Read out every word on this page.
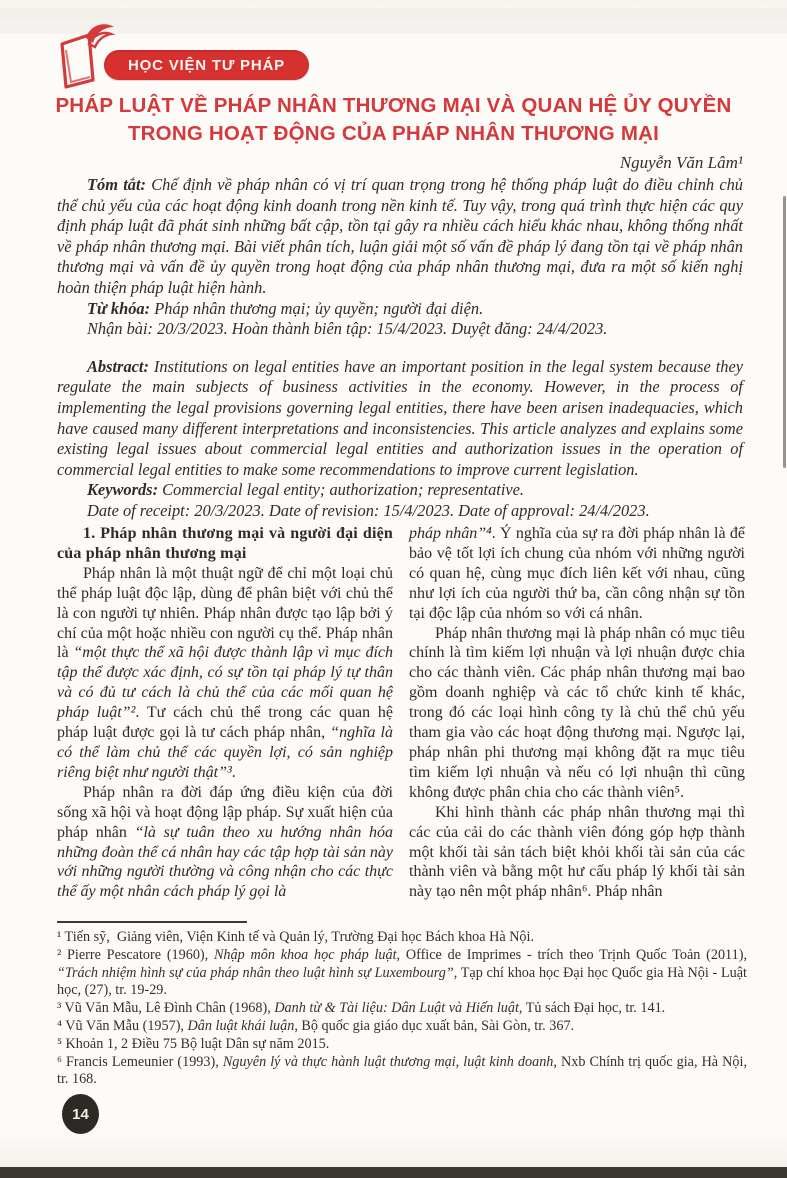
HỌC VIỆN TƯ PHÁP
PHÁP LUẬT VỀ PHÁP NHÂN THƯƠNG MẠI VÀ QUAN HỆ ỦY QUYỀN
TRONG HOẠT ĐỘNG CỦA PHÁP NHÂN THƯƠNG MẠI
Nguyễn Văn Lâm¹

Tóm tắt: Chế định về pháp nhân có vị trí quan trọng trong hệ thống pháp luật do điều chỉnh chủ thể chủ yếu của các hoạt động kinh doanh trong nền kinh tế. Tuy vậy, trong quá trình thực hiện các quy định pháp luật đã phát sinh những bất cập, tồn tại gây ra nhiều cách hiểu khác nhau, không thống nhất về pháp nhân thương mại. Bài viết phân tích, luận giải một số vấn đề pháp lý đang tồn tại về pháp nhân thương mại và vấn đề ủy quyền trong hoạt động của pháp nhân thương mại, đưa ra một số kiến nghị hoàn thiện pháp luật hiện hành.

Từ khóa: Pháp nhân thương mại; ủy quyền; người đại diện.

Nhận bài: 20/3/2023. Hoàn thành biên tập: 15/4/2023. Duyệt đăng: 24/4/2023.

Abstract: Institutions on legal entities have an important position in the legal system because they regulate the main subjects of business activities in the economy. However, in the process of implementing the legal provisions governing legal entities, there have been arisen inadequacies, which have caused many different interpretations and inconsistencies. This article analyzes and explains some existing legal issues about commercial legal entities and authorization issues in the operation of commercial legal entities to make some recommendations to improve current legislation.

Keywords: Commercial legal entity; authorization; representative.

Date of receipt: 20/3/2023. Date of revision: 15/4/2023. Date of approval: 24/4/2023.

1. Pháp nhân thương mại và người đại diện của pháp nhân thương mại

Pháp nhân là một thuật ngữ để chỉ một loại chủ thể pháp luật độc lập, dùng để phân biệt với chủ thể là con người tự nhiên. Pháp nhân được tạo lập bởi ý chí của một hoặc nhiều con người cụ thể. Pháp nhân là “một thực thể xã hội được thành lập vì mục đích tập thể được xác định, có sự tồn tại pháp lý tự thân và có đủ tư cách là chủ thể của các mối quan hệ pháp luật”². Tư cách chủ thể trong các quan hệ pháp luật được gọi là tư cách pháp nhân, “nghĩa là có thể làm chủ thể các quyền lợi, có sản nghiệp riêng biệt như người thật”³.

Pháp nhân ra đời đáp ứng điều kiện của đời sống xã hội và hoạt động lập pháp. Sự xuất hiện của pháp nhân “là sự tuân theo xu hướng nhân hóa những đoàn thể cá nhân hay các tập hợp tài sản này với những người thường và công nhận cho các thực thể ấy một nhân cách pháp lý gọi là

pháp nhân”⁴. Ý nghĩa của sự ra đời pháp nhân là để bảo vệ tốt lợi ích chung của nhóm với những người có quan hệ, cùng mục đích liên kết với nhau, cũng như lợi ích của người thứ ba, cần công nhận sự tồn tại độc lập của nhóm so với cá nhân.

Pháp nhân thương mại là pháp nhân có mục tiêu chính là tìm kiếm lợi nhuận và lợi nhuận được chia cho các thành viên. Các pháp nhân thương mại bao gồm doanh nghiệp và các tổ chức kinh tế khác, trong đó các loại hình công ty là chủ thể chủ yếu tham gia vào các hoạt động thương mại. Ngược lại, pháp nhân phi thương mại không đặt ra mục tiêu tìm kiếm lợi nhuận và nếu có lợi nhuận thì cũng không được phân chia cho các thành viên⁵.

Khi hình thành các pháp nhân thương mại thì các của cải do các thành viên đóng góp hợp thành một khối tài sản tách biệt khỏi khối tài sản của các thành viên và bằng một hư cấu pháp lý khối tài sản này tạo nên một pháp nhân⁶. Pháp nhân

¹ Tiến sỹ,  Giảng viên, Viện Kinh tế và Quản lý, Trường Đại học Bách khoa Hà Nội.

² Pierre Pescatore (1960), Nhập môn khoa học pháp luật, Office de Imprimes - trích theo Trịnh Quốc Toản (2011), “Trách nhiệm hình sự của pháp nhân theo luật hình sự Luxembourg”, Tạp chí khoa học Đại học Quốc gia Hà Nội - Luật học, (27), tr. 19-29.

³ Vũ Văn Mẫu, Lê Đình Chân (1968), Danh từ & Tài liệu: Dân Luật và Hiến luật, Tủ sách Đại học, tr. 141.

⁴ Vũ Văn Mẫu (1957), Dân luật khái luận, Bộ quốc gia giáo dục xuất bản, Sài Gòn, tr. 367.

⁵ Khoản 1, 2 Điều 75 Bộ luật Dân sự năm 2015.

⁶ Francis Lemeunier (1993), Nguyên lý và thực hành luật thương mại, luật kinh doanh, Nxb Chính trị quốc gia, Hà Nội, tr. 168.

14
